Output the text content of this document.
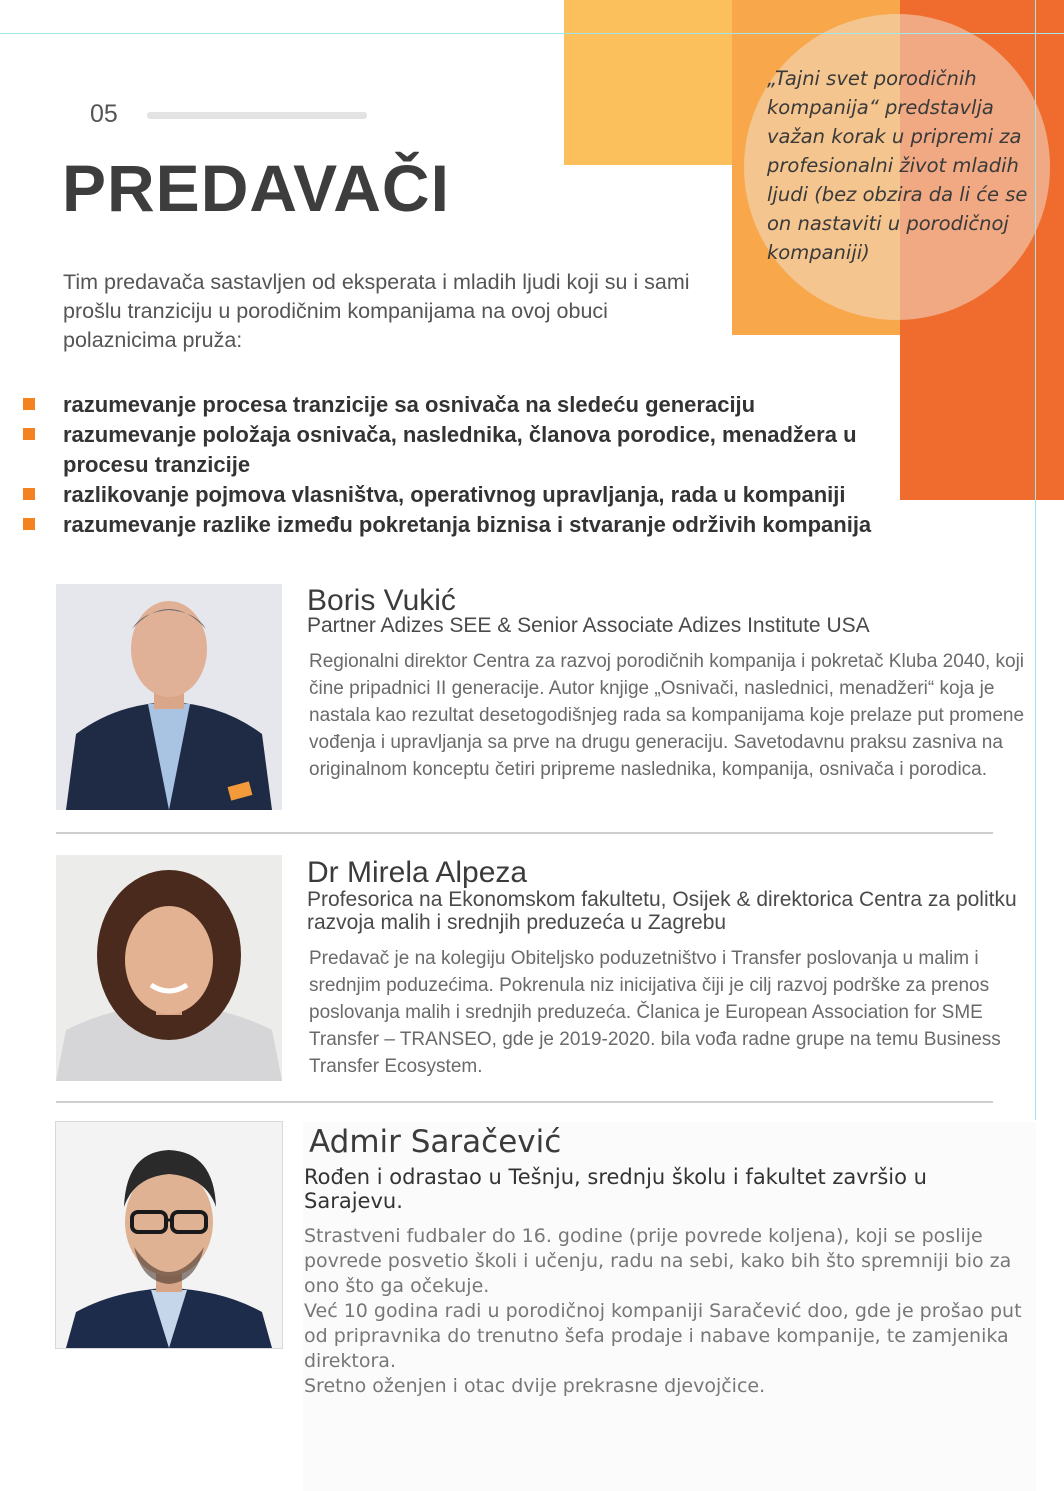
„Tajni svet porodičnih kompanija“ predstavlja važan korak u pripremi za profesionalni život mladih ljudi (bez obzira da li će se on nastaviti u porodičnoj kompaniji)

05
PREDAVAČI

Tim predavača sastavljen od eksperata i mladih ljudi koji su i sami prošlu tranziciju u porodičnim kompanijama na ovoj obuci polaznicima pruža:

razumevanje procesa tranzicije sa osnivača na sledeću generaciju
razumevanje položaja osnivača, naslednika, članova porodice, menadžera u procesu tranzicije
razlikovanje pojmova vlasništva, operativnog upravljanja, rada u kompaniji
razumevanje razlike između pokretanja biznisa i stvaranje održivih kompanija
Boris Vukić

Partner Adizes SEE & Senior Associate Adizes Institute USA

Regionalni direktor Centra za razvoj porodičnih kompanija i pokretač Kluba 2040, koji čine pripadnici II generacije. Autor knjige „Osnivači, naslednici, menadžeri“ koja je nastala kao rezultat desetogodišnjeg rada sa kompanijama koje prelaze put promene vođenja i upravljanja sa prve na drugu generaciju. Savetodavnu praksu zasniva na originalnom konceptu četiri pripreme naslednika, kompanija, osnivača i porodica.

Dr Mirela Alpeza

Profesorica na Ekonomskom fakultetu, Osijek & direktorica Centra za politku razvoja malih i srednjih preduzeća u Zagrebu

Predavač je na kolegiju Obiteljsko poduzetništvo i Transfer poslovanja u malim i srednjim poduzećima. Pokrenula niz inicijativa čiji je cilj razvoj podrške za prenos poslovanja malih i srednjih preduzeća. Članica je European Association for SME Transfer – TRANSEO, gde je 2019-2020. bila vođa radne grupe na temu Business Transfer Ecosystem.

Admir Saračević

Rođen i odrastao u Tešnju, srednju školu i fakultet završio u Sarajevu.

Strastveni fudbaler do 16. godine (prije povrede koljena), koji se poslije povrede posvetio školi i učenju, radu na sebi, kako bih što spremniji bio za ono što ga očekuje.
Već 10 godina radi u porodičnoj kompaniji Saračević doo, gde je prošao put od pripravnika do trenutno šefa prodaje i nabave kompanije, te zamjenika direktora.
Sretno oženjen i otac dvije prekrasne djevojčice.
